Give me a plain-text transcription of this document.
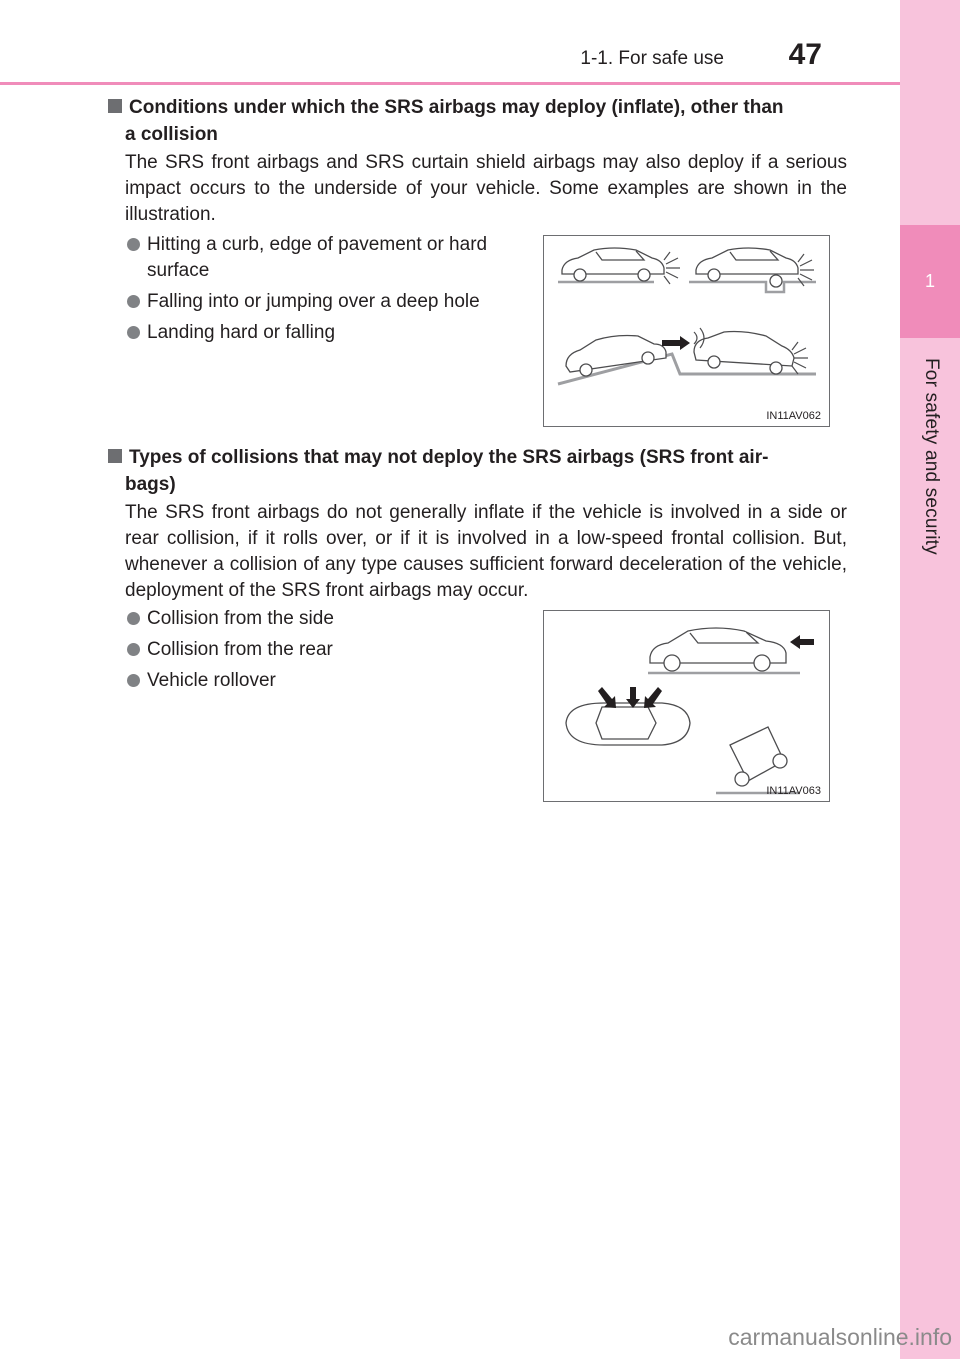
1-1. For safe use 47
1
For safety and security
Conditions under which the SRS airbags may deploy (inflate), other than
a collision
The SRS front airbags and SRS curtain shield airbags may also deploy if a serious impact occurs to the underside of your vehicle. Some examples are shown in the illustration.
Hitting a curb, edge of pavement or hard
surface
Falling into or jumping over a deep hole
Landing hard or falling
IN11AV062
Types of collisions that may not deploy the SRS airbags (SRS front air-
bags)
The SRS front airbags do not generally inflate if the vehicle is involved in a side or rear collision, if it rolls over, or if it is involved in a low-speed frontal collision. But, whenever a collision of any type causes sufficient forward deceleration of the vehicle, deployment of the SRS front airbags may occur.
Collision from the side
Collision from the rear
Vehicle rollover
IN11AV063
carmanualsonline.info
